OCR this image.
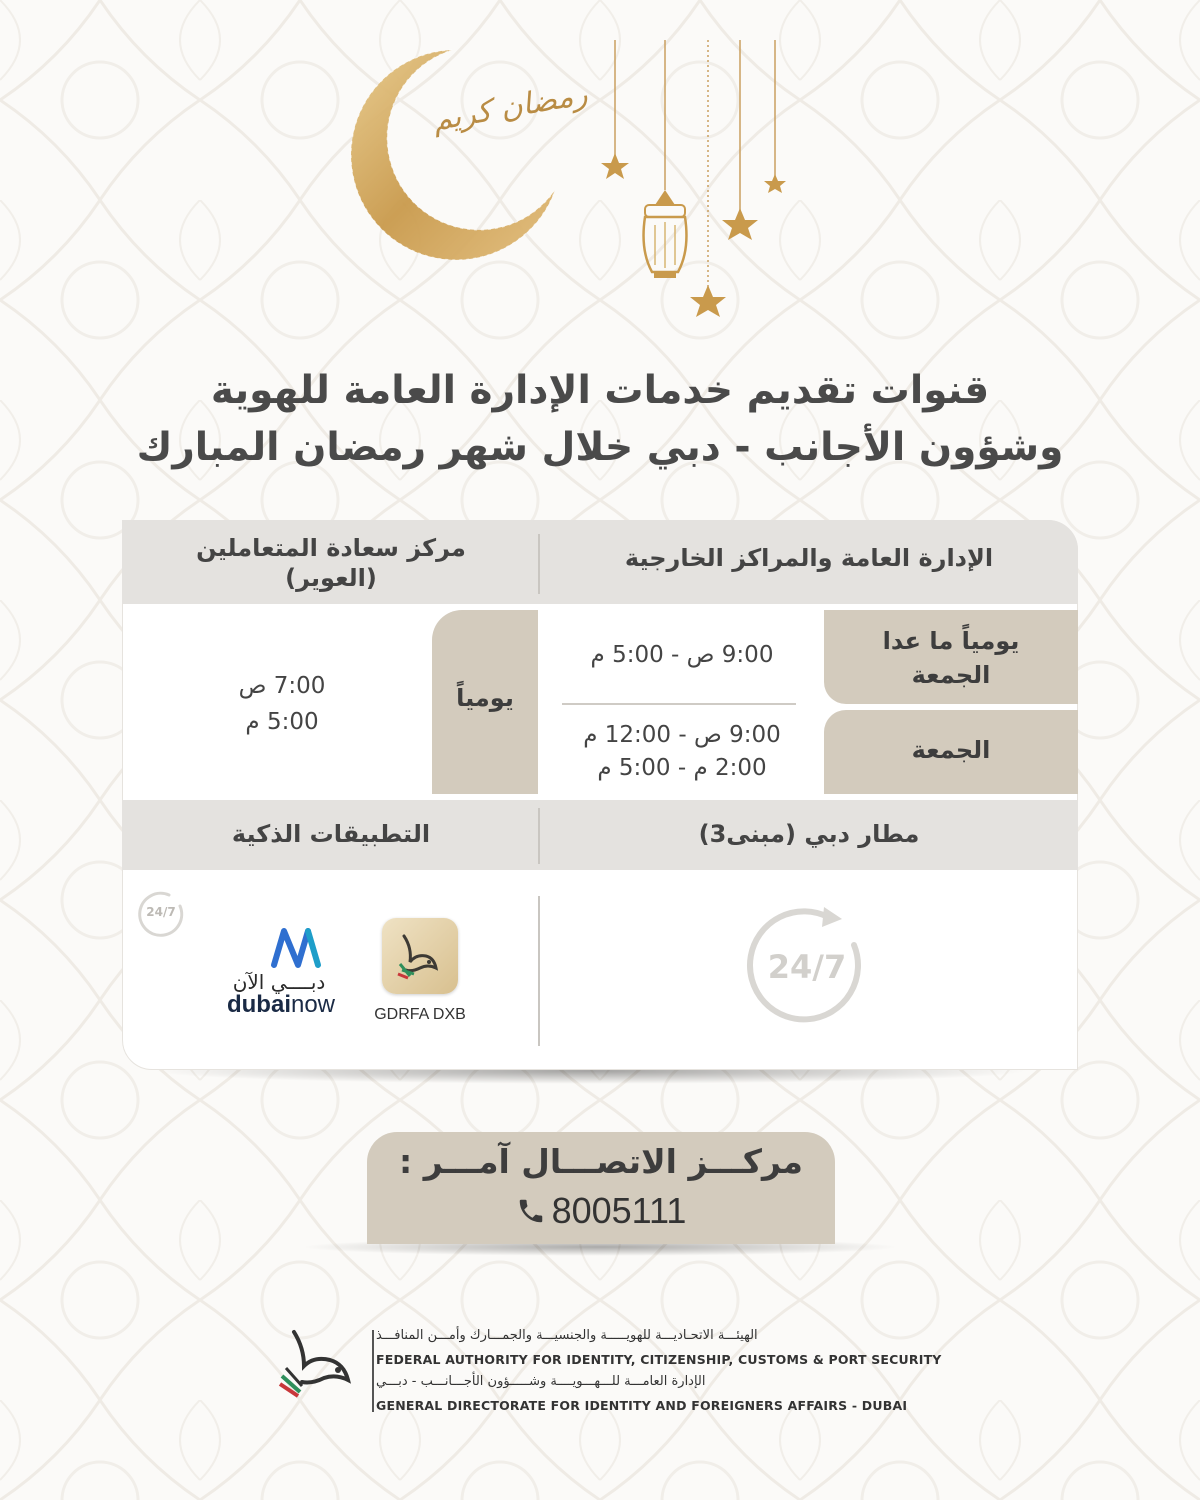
رمضان كريم
قنوات تقديم خدمات الإدارة العامة للهوية
وشؤون الأجانب - دبي خلال شهر رمضان المبارك
الإدارة العامة والمراكز الخارجية
مركز سعادة المتعاملين
(العوير)
يومياً ما عدا الجمعة
الجمعة
9:00 ص - 5:00 م
9:00 ص - 12:00 م
2:00 م - 5:00 م
يومياً
7:00 ص
5:00 م
مطار دبي (مبنى3)
التطبيقات الذكية
24/7
24/7
GDRFA DXB
دبــــي الآن
dubainow
مركـــز الاتصـــال آمـــر :
8005111
الهيئـــة الاتحـاديـــة للهويـــــة والجنسيـــة والجمـــارك وأمـــن المنافـــذ
FEDERAL AUTHORITY FOR IDENTITY, CITIZENSHIP, CUSTOMS & PORT SECURITY
الإدارة العامـــة للـــهـــويــــة وشـــــؤون الأجـــانـــب - دبـــي
GENERAL DIRECTORATE FOR IDENTITY AND FOREIGNERS AFFAIRS - DUBAI
